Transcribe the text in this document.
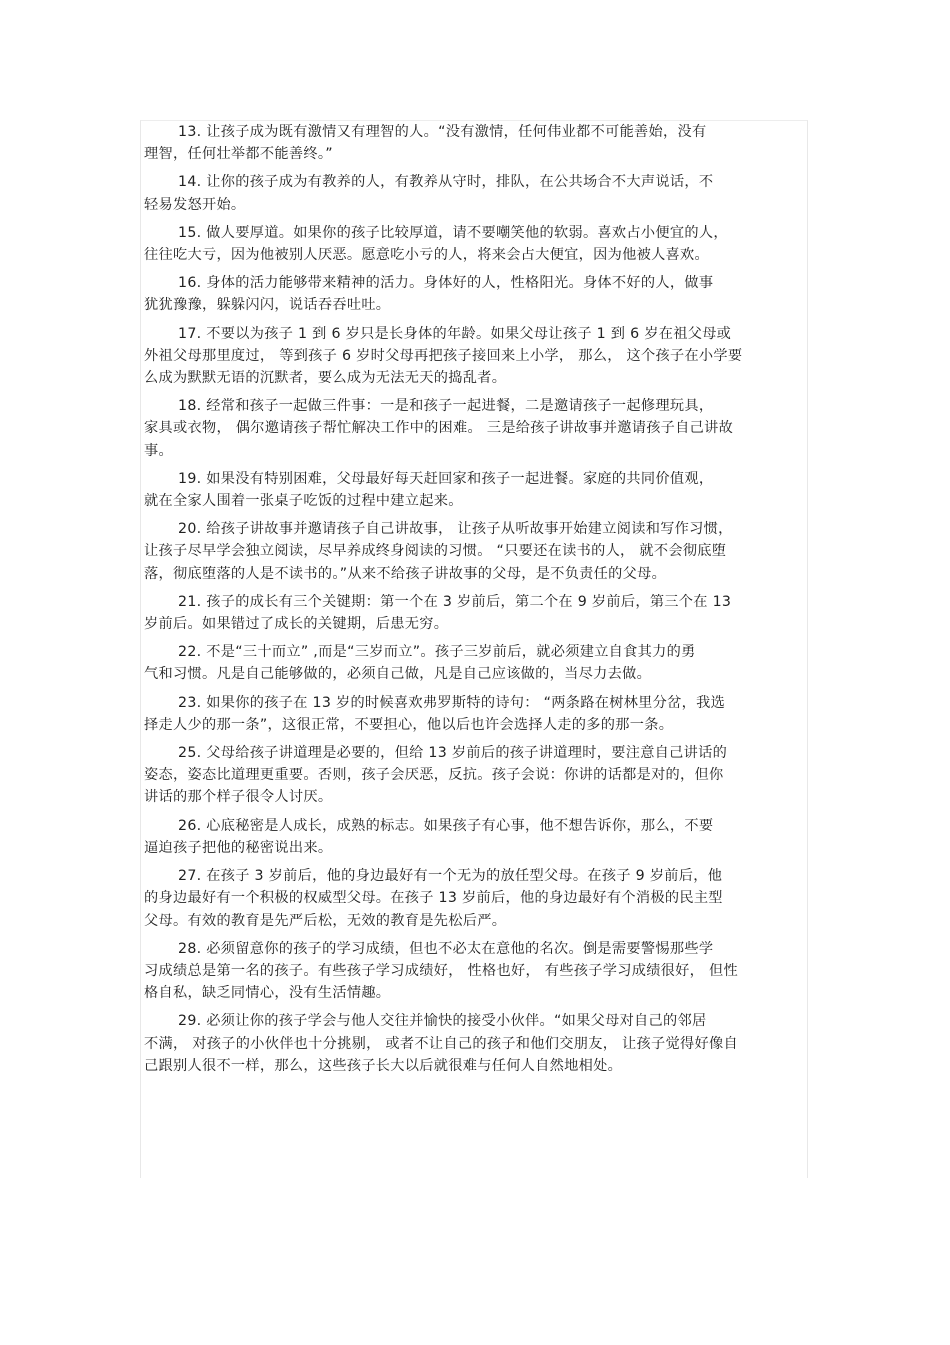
13. 让孩子成为既有激情又有理智的人。“没有激情，任何伟业都不可能善始，没有
理智，任何壮举都不能善终。”
14. 让你的孩子成为有教养的人，有教养从守时，排队，在公共场合不大声说话，不
轻易发怒开始。
15. 做人要厚道。如果你的孩子比较厚道，请不要嘲笑他的软弱。喜欢占小便宜的人，
往往吃大亏，因为他被别人厌恶。愿意吃小亏的人，将来会占大便宜，因为他被人喜欢。
16. 身体的活力能够带来精神的活力。身体好的人，性格阳光。身体不好的人，做事
犹犹豫豫，躲躲闪闪，说话吞吞吐吐。
17. 不要以为孩子 1 到 6 岁只是长身体的年龄。如果父母让孩子 1 到 6 岁在祖父母或
外祖父母那里度过， 等到孩子 6 岁时父母再把孩子接回来上小学， 那么， 这个孩子在小学要
么成为默默无语的沉默者，要么成为无法无天的捣乱者。
18. 经常和孩子一起做三件事：一是和孩子一起进餐，二是邀请孩子一起修理玩具，
家具或衣物， 偶尔邀请孩子帮忙解决工作中的困难。 三是给孩子讲故事并邀请孩子自己讲故
事。
19. 如果没有特别困难，父母最好每天赶回家和孩子一起进餐。家庭的共同价值观，
就在全家人围着一张桌子吃饭的过程中建立起来。
20. 给孩子讲故事并邀请孩子自己讲故事， 让孩子从听故事开始建立阅读和写作习惯，
让孩子尽早学会独立阅读，尽早养成终身阅读的习惯。 “只要还在读书的人， 就不会彻底堕
落，彻底堕落的人是不读书的。”从来不给孩子讲故事的父母，是不负责任的父母。
21. 孩子的成长有三个关键期：第一个在 3 岁前后，第二个在 9 岁前后，第三个在 13
岁前后。如果错过了成长的关键期，后患无穷。
22. 不是“三十而立” ,而是“三岁而立”。孩子三岁前后，就必须建立自食其力的勇
气和习惯。凡是自己能够做的，必须自己做，凡是自己应该做的，当尽力去做。
23. 如果你的孩子在 13 岁的时候喜欢弗罗斯特的诗句： “两条路在树林里分岔，我选
择走人少的那一条”，这很正常，不要担心，他以后也许会选择人走的多的那一条。
25. 父母给孩子讲道理是必要的，但给 13 岁前后的孩子讲道理时，要注意自己讲话的
姿态，姿态比道理更重要。否则，孩子会厌恶，反抗。孩子会说：你讲的话都是对的，但你
讲话的那个样子很令人讨厌。
26. 心底秘密是人成长，成熟的标志。如果孩子有心事，他不想告诉你，那么，不要
逼迫孩子把他的秘密说出来。
27. 在孩子 3 岁前后，他的身边最好有一个无为的放任型父母。在孩子 9 岁前后，他
的身边最好有一个积极的权威型父母。在孩子 13 岁前后，他的身边最好有个消极的民主型
父母。有效的教育是先严后松，无效的教育是先松后严。
28. 必须留意你的孩子的学习成绩，但也不必太在意他的名次。倒是需要警惕那些学
习成绩总是第一名的孩子。有些孩子学习成绩好， 性格也好， 有些孩子学习成绩很好， 但性
格自私，缺乏同情心，没有生活情趣。
29. 必须让你的孩子学会与他人交往并愉快的接受小伙伴。“如果父母对自己的邻居
不满， 对孩子的小伙伴也十分挑剔， 或者不让自己的孩子和他们交朋友， 让孩子觉得好像自
己跟别人很不一样，那么，这些孩子长大以后就很难与任何人自然地相处。
